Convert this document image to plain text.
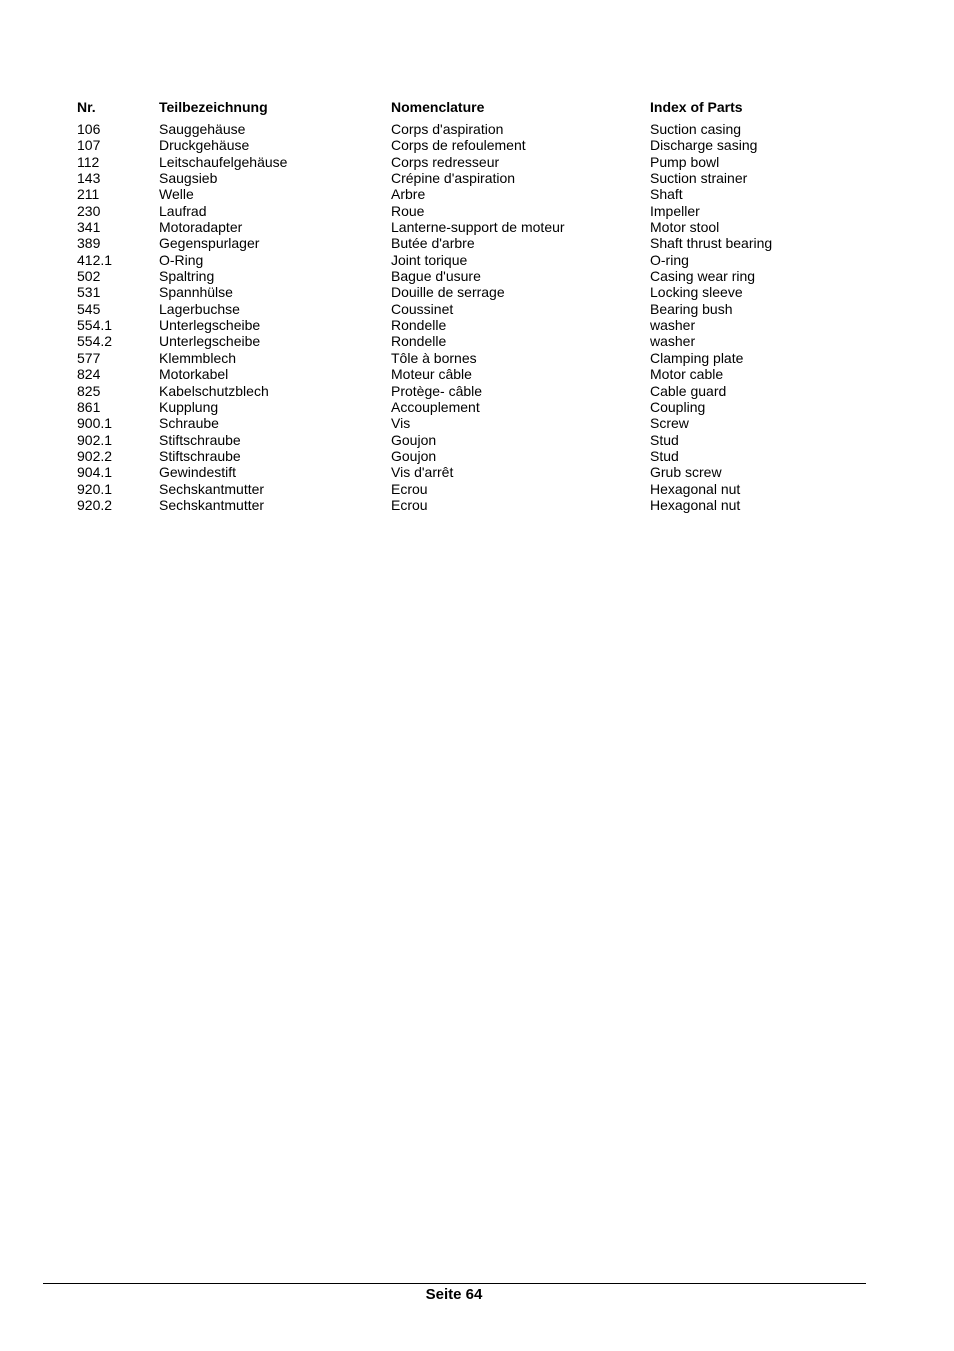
Nr.	Teilbezeichnung	Nomenclature	Index of Parts
106	Sauggehäuse	Corps d'aspiration	Suction casing
107	Druckgehäuse	Corps de refoulement	Discharge sasing
112	Leitschaufelgehäuse	Corps redresseur	Pump bowl
143	Saugsieb	Crépine d'aspiration	Suction strainer
211	Welle	Arbre	Shaft
230	Laufrad	Roue	Impeller
341	Motoradapter	Lanterne-support de moteur	Motor stool
389	Gegenspurlager	Butée d'arbre	Shaft thrust bearing
412.1	O-Ring	Joint torique	O-ring
502	Spaltring	Bague d'usure	Casing wear ring
531	Spannhülse	Douille de serrage	Locking sleeve
545	Lagerbuchse	Coussinet	Bearing bush
554.1	Unterlegscheibe	Rondelle	washer
554.2	Unterlegscheibe	Rondelle	washer
577	Klemmblech	Tôle à bornes	Clamping plate
824	Motorkabel	Moteur câble	Motor cable
825	Kabelschutzblech	Protège- câble	Cable guard
861	Kupplung	Accouplement	Coupling
900.1	Schraube	Vis	Screw
902.1	Stiftschraube	Goujon	Stud
902.2	Stiftschraube	Goujon	Stud
904.1	Gewindestift	Vis d'arrêt	Grub screw
920.1	Sechskantmutter	Ecrou	Hexagonal nut
920.2	Sechskantmutter	Ecrou	Hexagonal nut
Seite 64
